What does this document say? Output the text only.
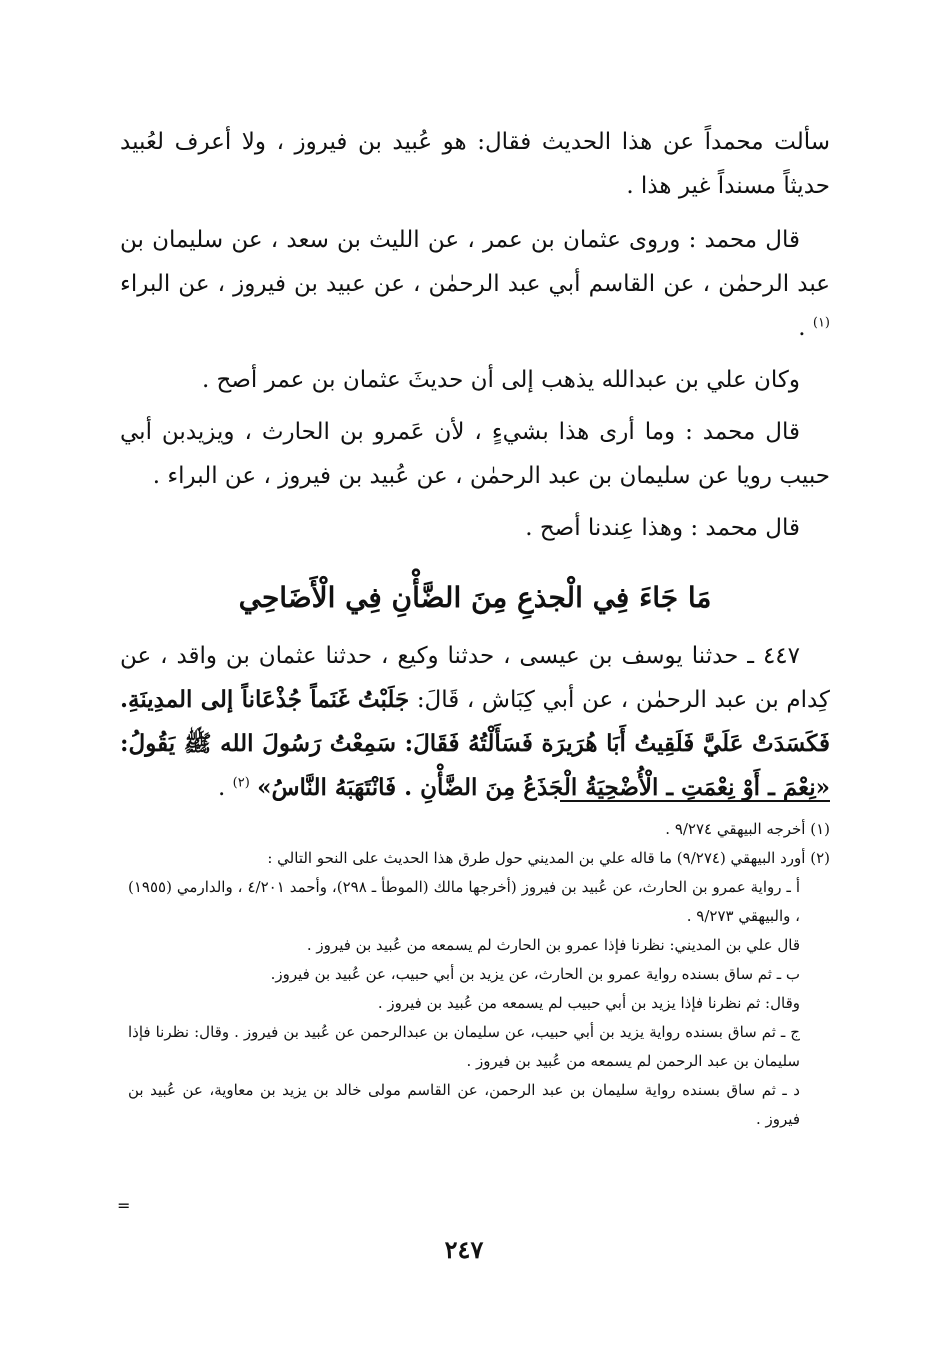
سألت محمداً عن هذا الحديث فقال: هو عُبيد بن فيروز ، ولا أعرف لعُبيد حديثاً مسنداً غير هذا .

قال محمد : وروى عثمان بن عمر ، عن الليث بن سعد ، عن سليمان بن عبد الرحمٰن ، عن القاسم أبي عبد الرحمٰن ، عن عبيد بن فيروز ، عن البراء $^{(١)}$ .

وكان علي بن عبدالله يذهب إلى أن حديثَ عثمان بن عمر أصح .

قال محمد : وما أرى هذا بشيءٍ ، لأن عَمرو بن الحارث ، ويزيدبن أبي حبيب رويا عن سليمان بن عبد الرحمٰن ، عن عُبيد بن فيروز ، عن البراء .

قال محمد : وهذا عِندنا أصح .

مَا جَاءَ فِي الْجذعِ مِنَ الضَّأْنِ فِي الْأَضَاحِي

٤٤٧ ـ حدثنا يوسف بن عيسى ، حدثنا وكيع ، حدثنا عثمان بن واقد ، عن كِدام بن عبد الرحمٰن ، عن أبي كِبَاش ، قَالَ: جَلَبْتُ غَنَماً جُذْعَاناً إلى المدِينَةِ. فَكَسَدَتْ عَلَيَّ فَلَقِيتُ أَبَا هُرَيرَة فَسَأَلْتُهُ فَقَالَ: سَمِعْتُ رَسُولَ الله ﷺ يَقُولُ: «نِعْمَ ـ أَوْ نِعْمَتِ ـ الْأُضْحِيَةُ الْجَذَعُ مِنَ الضَّأْنِ . فَانْتَهَبَهُ النَّاسُ» $^{(٢)}$ .

(١) أخرجه البيهقي ٩/٢٧٤ .

(٢) أورد البيهقي (٩/٢٧٤) ما قاله علي بن المديني حول طرق هذا الحديث على النحو التالي :

أ ـ رواية عمرو بن الحارث، عن عُبيد بن فيروز (أخرجها مالك (الموطأ ـ ٢٩٨)، وأحمد ٤/٢٠١ ، والدارمي (١٩٥٥) ، والبيهقي ٩/٢٧٣ .

قال علي بن المديني: نظرنا فإذا عمرو بن الحارث لم يسمعه من عُبيد بن فيروز .

ب ـ ثم ساق بسنده رواية عمرو بن الحارث، عن يزيد بن أبي حبيب، عن عُبيد بن فيروز.

وقال: ثم نظرنا فإذا يزيد بن أبي حبيب لم يسمعه من عُبيد بن فيروز .

ج ـ ثم ساق بسنده رواية يزيد بن أبي حبيب، عن سليمان بن عبدالرحمن عن عُبيد بن فيروز . وقال: نظرنا فإذا سليمان بن عبد الرحمن لم يسمعه من عُبيد بن فيروز .

د ـ ثم ساق بسنده رواية سليمان بن عبد الرحمن، عن القاسم مولى خالد بن يزيد بن معاوية، عن عُبيد بن فيروز .

=
٢٤٧
